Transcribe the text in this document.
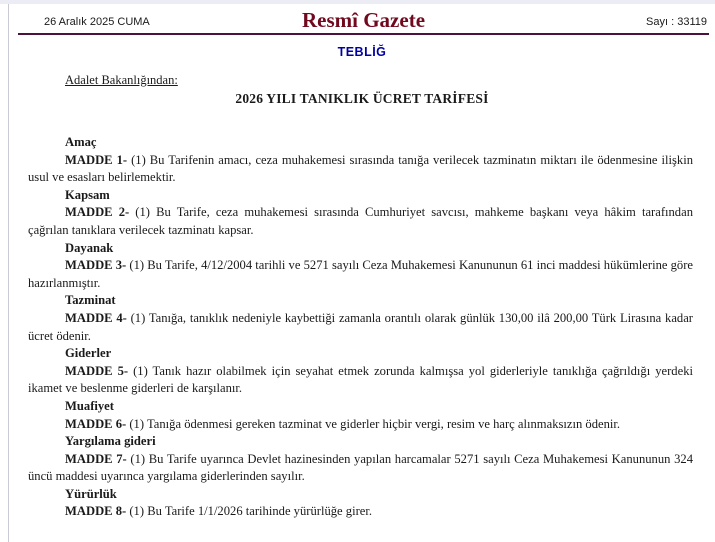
26 Aralık 2025 CUMA	Resmî Gazete	Sayı : 33119
TEBLİĞ
Adalet Bakanlığından:
2026 YILI TANIKLIK ÜCRET TARİFESİ

Amaç

MADDE 1- (1) Bu Tarifenin amacı, ceza muhakemesi sırasında tanığa verilecek tazminatın miktarı ile ödenmesine ilişkin usul ve esasları belirlemektir.

Kapsam

MADDE 2- (1) Bu Tarife, ceza muhakemesi sırasında Cumhuriyet savcısı, mahkeme başkanı veya hâkim tarafından çağrılan tanıklara verilecek tazminatı kapsar.

Dayanak

MADDE 3- (1) Bu Tarife, 4/12/2004 tarihli ve 5271 sayılı Ceza Muhakemesi Kanununun 61 inci maddesi hükümlerine göre hazırlanmıştır.

Tazminat

MADDE 4- (1) Tanığa, tanıklık nedeniyle kaybettiği zamanla orantılı olarak günlük 130,00 ilâ 200,00 Türk Lirasına kadar ücret ödenir.

Giderler

MADDE 5- (1) Tanık hazır olabilmek için seyahat etmek zorunda kalmışsa yol giderleriyle tanıklığa çağrıldığı yerdeki ikamet ve beslenme giderleri de karşılanır.

Muafiyet

MADDE 6- (1) Tanığa ödenmesi gereken tazminat ve giderler hiçbir vergi, resim ve harç alınmaksızın ödenir.

Yargılama gideri

MADDE 7- (1) Bu Tarife uyarınca Devlet hazinesinden yapılan harcamalar 5271 sayılı Ceza Muhakemesi Kanununun 324 üncü maddesi uyarınca yargılama giderlerinden sayılır.

Yürürlük

MADDE 8- (1) Bu Tarife 1/1/2026 tarihinde yürürlüğe girer.
